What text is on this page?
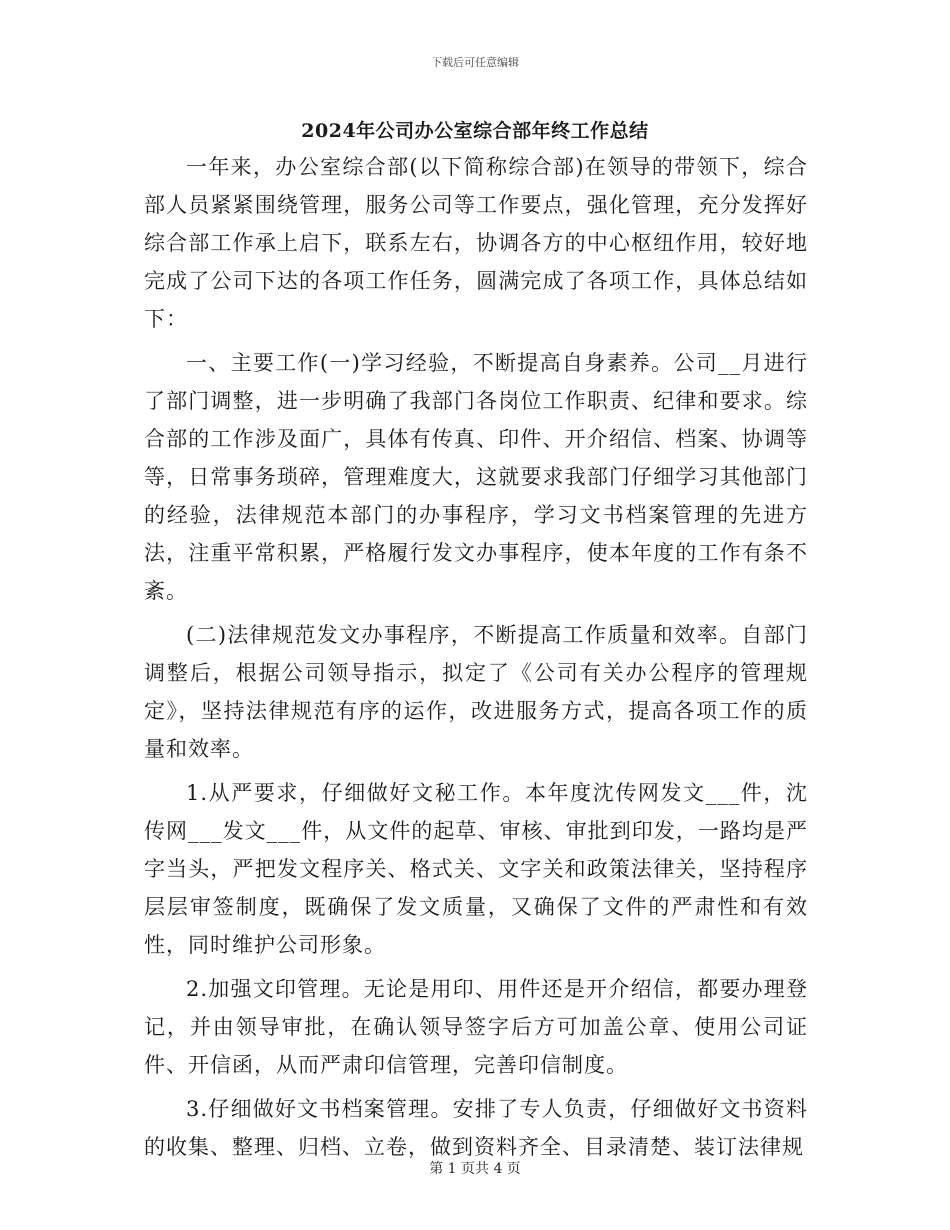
下载后可任意编辑
2024年公司办公室综合部年终工作总结

一年来，办公室综合部(以下简称综合部)在领导的带领下，综合部人员紧紧围绕管理，服务公司等工作要点，强化管理，充分发挥好综合部工作承上启下，联系左右，协调各方的中心枢纽作用，较好地完成了公司下达的各项工作任务，圆满完成了各项工作，具体总结如下：

一、主要工作(一)学习经验，不断提高自身素养。公司__月进行了部门调整，进一步明确了我部门各岗位工作职责、纪律和要求。综合部的工作涉及面广，具体有传真、印件、开介绍信、档案、协调等等，日常事务琐碎，管理难度大，这就要求我部门仔细学习其他部门的经验，法律规范本部门的办事程序，学习文书档案管理的先进方法，注重平常积累，严格履行发文办事程序，使本年度的工作有条不紊。

(二)法律规范发文办事程序，不断提高工作质量和效率。自部门调整后，根据公司领导指示，拟定了《公司有关办公程序的管理规定》，坚持法律规范有序的运作，改进服务方式，提高各项工作的质量和效率。

1.从严要求，仔细做好文秘工作。本年度沈传网发文___件，沈传网___发文___件，从文件的起草、审核、审批到印发，一路均是严字当头，严把发文程序关、格式关、文字关和政策法律关，坚持程序层层审签制度，既确保了发文质量，又确保了文件的严肃性和有效性，同时维护公司形象。

2.加强文印管理。无论是用印、用件还是开介绍信，都要办理登记，并由领导审批，在确认领导签字后方可加盖公章、使用公司证件、开信函，从而严肃印信管理，完善印信制度。

3.仔细做好文书档案管理。安排了专人负责，仔细做好文书资料的收集、整理、归档、立卷，做到资料齐全、目录清楚、装订法律规

第 1 页共 4 页
